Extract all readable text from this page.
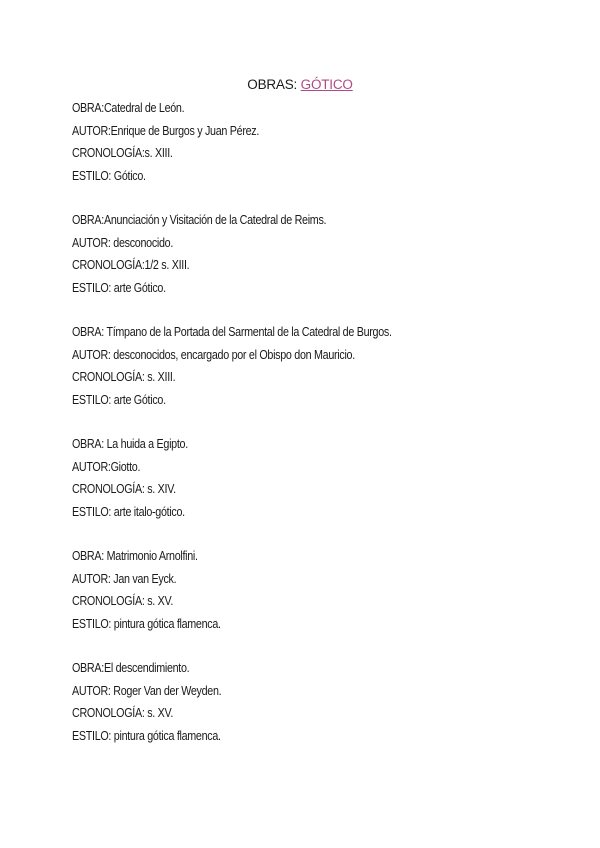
OBRAS: GÓTICO
OBRA:Catedral de León.
AUTOR:Enrique de Burgos y Juan Pérez.
CRONOLOGÍA:s. XIII.
ESTILO: Gótico.
OBRA:Anunciación y Visitación de la Catedral de Reims.
AUTOR: desconocido.
CRONOLOGÍA:1/2 s. XIII.
ESTILO: arte Gótico.
OBRA: Tímpano de la Portada del Sarmental de la Catedral de Burgos.
AUTOR: desconocidos, encargado por el Obispo don Mauricio.
CRONOLOGÍA: s. XIII.
ESTILO: arte Gótico.
OBRA: La huida a Egipto.
AUTOR:Giotto.
CRONOLOGÍA: s. XIV.
ESTILO: arte italo-gótico.
OBRA: Matrimonio Arnolfini.
AUTOR: Jan van Eyck.
CRONOLOGÍA: s. XV.
ESTILO: pintura gótica flamenca.
OBRA:El descendimiento.
AUTOR: Roger Van der Weyden.
CRONOLOGÍA: s. XV.
ESTILO: pintura gótica flamenca.
